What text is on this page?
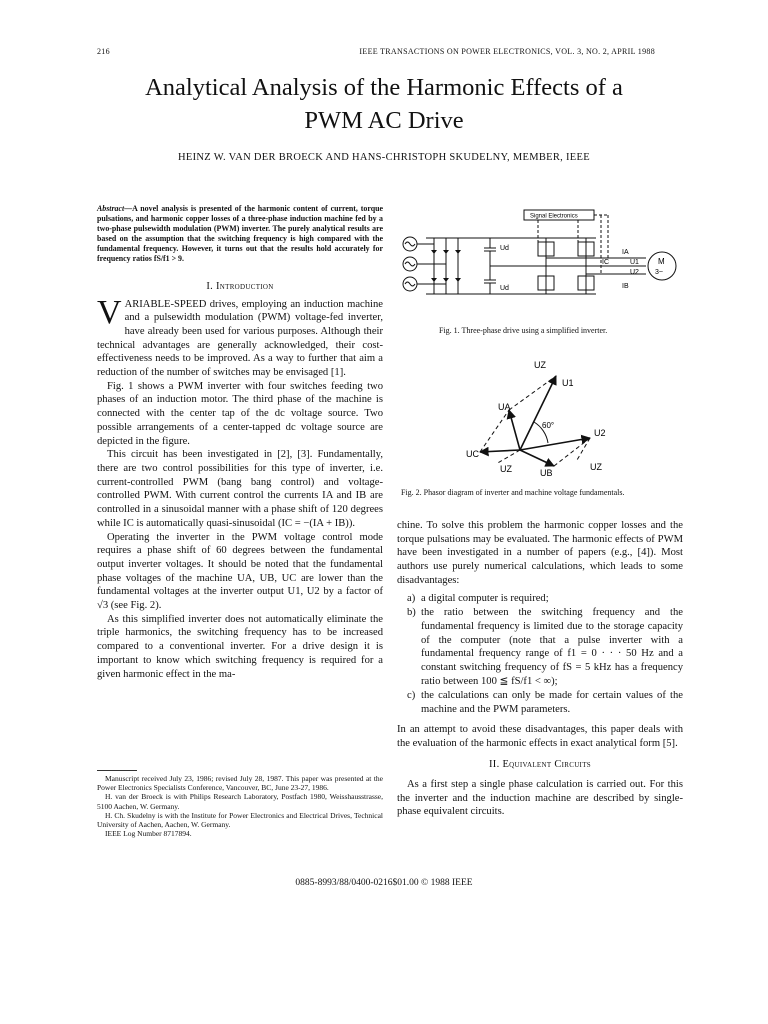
216	IEEE TRANSACTIONS ON POWER ELECTRONICS, VOL. 3, NO. 2, APRIL 1988
Analytical Analysis of the Harmonic Effects of a
PWM AC Drive
HEINZ W. VAN DER BROECK AND HANS-CHRISTOPH SKUDELNY, MEMBER, IEEE
Abstract—A novel analysis is presented of the harmonic content of current, torque pulsations, and harmonic copper losses of a three-phase induction machine fed by a two-phase pulsewidth modulation (PWM) inverter. The purely analytical results are based on the assumption that the switching frequency is high compared with the fundamental frequency. However, it turns out that the results hold accurately for frequency ratios fS/f1 > 9.
I. Introduction

VARIABLE-SPEED drives, employing an induction machine and a pulsewidth modulation (PWM) voltage-fed inverter, have already been used for various purposes. Although their technical advantages are generally acknowledged, their cost-effectiveness needs to be improved. As a way to further that aim a reduction of the number of switches may be envisaged [1].

Fig. 1 shows a PWM inverter with four switches feeding two phases of an induction motor. The third phase of the machine is connected with the center tap of the dc voltage source. Two possible arrangements of a center-tapped dc voltage source are depicted in the figure.

This circuit has been investigated in [2], [3]. Fundamentally, there are two control possibilities for this type of inverter, i.e. current-controlled PWM (bang bang control) and voltage-controlled PWM. With current control the currents IA and IB are controlled in a sinusoidal manner with a phase shift of 120 degrees while IC is automatically quasi-sinusoidal (IC = −(IA + IB)).

Operating the inverter in the PWM voltage control mode requires a phase shift of 60 degrees between the fundamental output inverter voltages. It should be noted that the fundamental phase voltages of the machine UA, UB, UC are lower than the fundamental voltages at the inverter output U1, U2 by a factor of √3 (see Fig. 2).

As this simplified inverter does not automatically eliminate the triple harmonics, the switching frequency has to be increased compared to a conventional inverter. For a drive design it is important to know which switching frequency is required for a given harmonic effect in the ma-

Manuscript received July 23, 1986; revised July 28, 1987. This paper was presented at the Power Electronics Specialists Conference, Vancouver, BC, June 23-27, 1986.

H. van der Broeck is with Philips Research Laboratory, Postfach 1980, Weisshausstrasse, 5100 Aachen, W. Germany.

H. Ch. Skudelny is with the Institute for Power Electronics and Electrical Drives, Technical University of Aachen, Aachen, W. Germany.

IEEE Log Number 8717894.

Signal Electronics
Ud
Ud
IC
IA
IB
U1
U2
M
3~
Fig. 1. Three-phase drive using a simplified inverter.
UZ
U1
UA
60°
U2
UC
UZ	UB
UZ
Fig. 2. Phasor diagram of inverter and machine voltage fundamentals.

chine. To solve this problem the harmonic copper losses and the torque pulsations may be evaluated. The harmonic effects of PWM have been investigated in a number of papers (e.g., [4]). Most authors use purely numerical calculations, which leads to some disadvantages:

a) a digital computer is required;
b) the ratio between the switching frequency and the fundamental frequency is limited due to the storage capacity of the computer (note that a pulse inverter with a fundamental frequency range of f1 = 0 · · · 50 Hz and a constant switching frequency of fS = 5 kHz has a frequency ratio between 100 ≦ fS/f1 < ∞);
c) the calculations can only be made for certain values of the machine and the PWM parameters.

In an attempt to avoid these disadvantages, this paper deals with the evaluation of the harmonic effects in exact analytical form [5].

II. Equivalent Circuits

As a first step a single phase calculation is carried out. For this the inverter and the induction machine are described by single-phase equivalent circuits.

0885-8993/88/0400-0216$01.00 © 1988 IEEE
